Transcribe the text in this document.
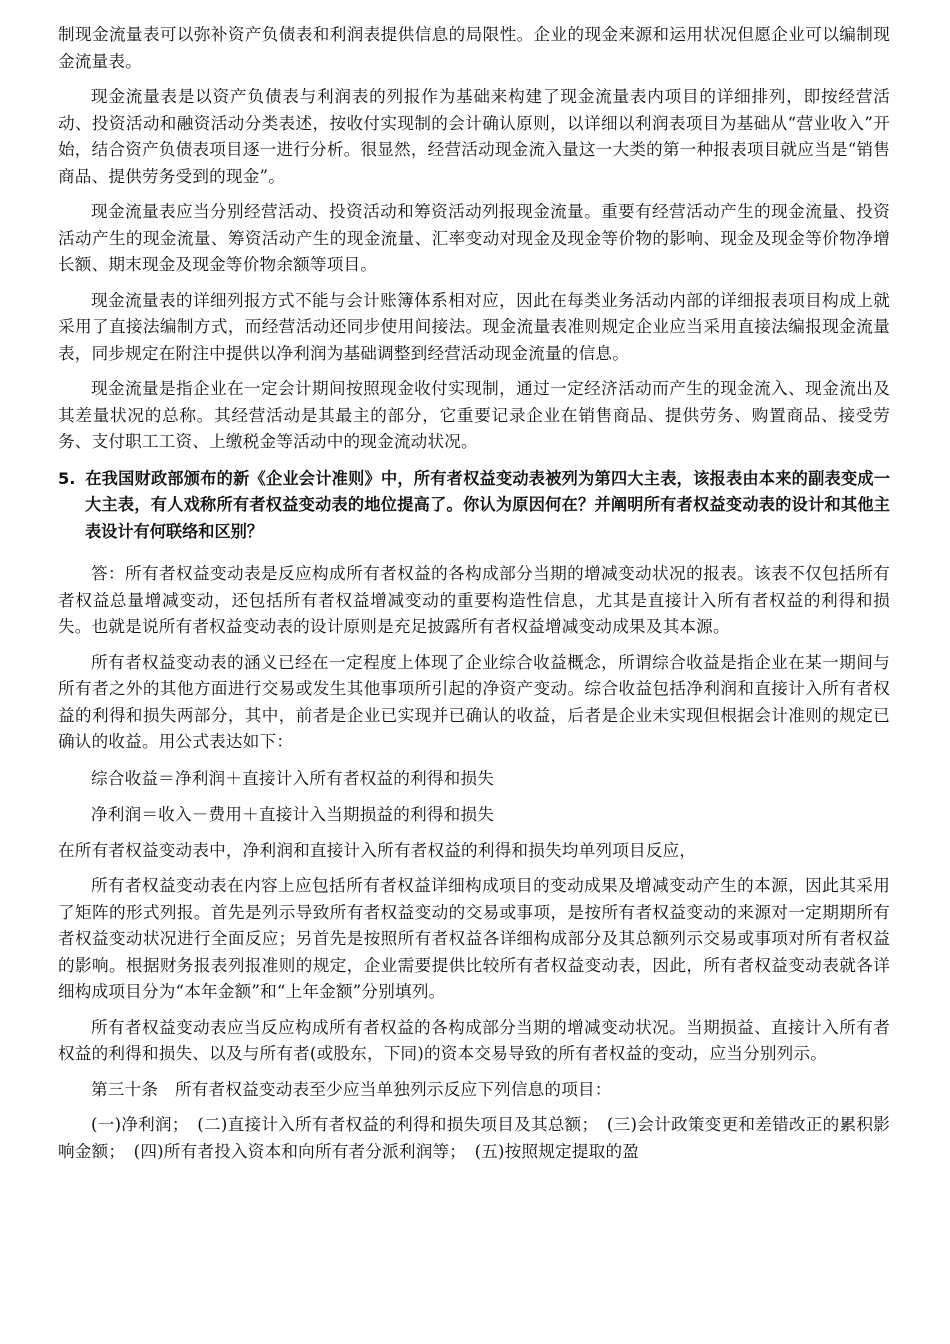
制现金流量表可以弥补资产负债表和利润表提供信息的局限性。企业的现金来源和运用状况但愿企业可以编制现金流量表。

现金流量表是以资产负债表与利润表的列报作为基础来构建了现金流量表内项目的详细排列，即按经营活动、投资活动和融资活动分类表述，按收付实现制的会计确认原则，以详细以利润表项目为基础从“营业收入”开始，结合资产负债表项目逐一进行分析。很显然，经营活动现金流入量这一大类的第一种报表项目就应当是“销售商品、提供劳务受到的现金”。

现金流量表应当分别经营活动、投资活动和筹资活动列报现金流量。重要有经营活动产生的现金流量、投资活动产生的现金流量、筹资活动产生的现金流量、汇率变动对现金及现金等价物的影响、现金及现金等价物净增长额、期末现金及现金等价物余额等项目。

现金流量表的详细列报方式不能与会计账簿体系相对应，因此在每类业务活动内部的详细报表项目构成上就采用了直接法编制方式，而经营活动还同步使用间接法。现金流量表准则规定企业应当采用直接法编报现金流量表，同步规定在附注中提供以净利润为基础调整到经营活动现金流量的信息。

现金流量是指企业在一定会计期间按照现金收付实现制，通过一定经济活动而产生的现金流入、现金流出及其差量状况的总称。其经营活动是其最主的部分，它重要记录企业在销售商品、提供劳务、购置商品、接受劳务、支付职工工资、上缴税金等活动中的现金流动状况。

5. 在我国财政部颁布的新《企业会计准则》中，所有者权益变动表被列为第四大主表，该报表由本来的副表变成一大主表，有人戏称所有者权益变动表的地位提高了。你认为原因何在？并阐明所有者权益变动表的设计和其他主表设计有何联络和区别？

答：所有者权益变动表是反应构成所有者权益的各构成部分当期的增减变动状况的报表。该表不仅包括所有者权益总量增减变动，还包括所有者权益增减变动的重要构造性信息，尤其是直接计入所有者权益的利得和损失。也就是说所有者权益变动表的设计原则是充足披露所有者权益增减变动成果及其本源。

所有者权益变动表的涵义已经在一定程度上体现了企业综合收益概念，所谓综合收益是指企业在某一期间与所有者之外的其他方面进行交易或发生其他事项所引起的净资产变动。综合收益包括净利润和直接计入所有者权益的利得和损失两部分，其中，前者是企业已实现并已确认的收益，后者是企业未实现但根据会计准则的规定已确认的收益。用公式表达如下：

综合收益＝净利润＋直接计入所有者权益的利得和损失

净利润＝收入－费用＋直接计入当期损益的利得和损失

在所有者权益变动表中，净利润和直接计入所有者权益的利得和损失均单列项目反应，

所有者权益变动表在内容上应包括所有者权益详细构成项目的变动成果及增减变动产生的本源，因此其采用了矩阵的形式列报。首先是列示导致所有者权益变动的交易或事项，是按所有者权益变动的来源对一定期期所有者权益变动状况进行全面反应；另首先是按照所有者权益各详细构成部分及其总额列示交易或事项对所有者权益的影响。根据财务报表列报准则的规定，企业需要提供比较所有者权益变动表，因此，所有者权益变动表就各详细构成项目分为“本年金额”和“上年金额”分别填列。

所有者权益变动表应当反应构成所有者权益的各构成部分当期的增减变动状况。当期损益、直接计入所有者权益的利得和损失、以及与所有者(或股东，下同)的资本交易导致的所有者权益的变动，应当分别列示。

第三十条　所有者权益变动表至少应当单独列示反应下列信息的项目：

(一)净利润；　(二)直接计入所有者权益的利得和损失项目及其总额；　(三)会计政策变更和差错改正的累积影响金额；　(四)所有者投入资本和向所有者分派利润等；　(五)按照规定提取的盈
